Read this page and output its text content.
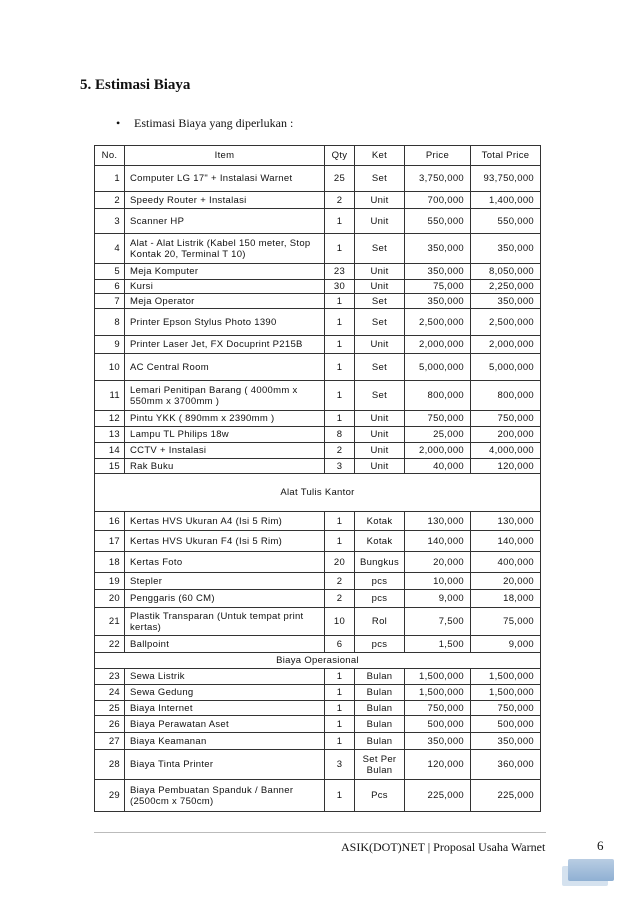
5. Estimasi Biaya
• Estimasi Biaya yang diperlukan :
No.	Item	Qty	Ket	Price	Total Price
1	Computer LG 17" + Instalasi Warnet	25	Set	3,750,000	93,750,000
2	Speedy Router + Instalasi	2	Unit	700,000	1,400,000
3	Scanner HP	1	Unit	550,000	550,000
4	Alat - Alat Listrik (Kabel 150 meter, Stop Kontak 20, Terminal T 10)	1	Set	350,000	350,000
5	Meja Komputer	23	Unit	350,000	8,050,000
6	Kursi	30	Unit	75,000	2,250,000
7	Meja Operator	1	Set	350,000	350,000
8	Printer Epson Stylus Photo 1390	1	Set	2,500,000	2,500,000
9	Printer Laser Jet, FX Docuprint P215B	1	Unit	2,000,000	2,000,000
10	AC Central Room	1	Set	5,000,000	5,000,000
11	Lemari Penitipan Barang ( 4000mm x 550mm x 3700mm )	1	Set	800,000	800,000
12	Pintu YKK ( 890mm x 2390mm )	1	Unit	750,000	750,000
13	Lampu TL Philips 18w	8	Unit	25,000	200,000
14	CCTV + Instalasi	2	Unit	2,000,000	4,000,000
15	Rak Buku	3	Unit	40,000	120,000
Alat Tulis Kantor					
16	Kertas HVS Ukuran A4 (Isi 5 Rim)	1	Kotak	130,000	130,000
17	Kertas HVS Ukuran F4 (Isi 5 Rim)	1	Kotak	140,000	140,000
18	Kertas Foto	20	Bungkus	20,000	400,000
19	Stepler	2	pcs	10,000	20,000
20	Penggaris (60 CM)	2	pcs	9,000	18,000
21	Plastik Transparan (Untuk tempat print kertas)	10	Rol	7,500	75,000
22	Ballpoint	6	pcs	1,500	9,000
Biaya Operasional					
23	Sewa Listrik	1	Bulan	1,500,000	1,500,000
24	Sewa Gedung	1	Bulan	1,500,000	1,500,000
25	Biaya Internet	1	Bulan	750,000	750,000
26	Biaya Perawatan Aset	1	Bulan	500,000	500,000
27	Biaya Keamanan	1	Bulan	350,000	350,000
28	Biaya Tinta Printer	3	Set Per Bulan	120,000	360,000
29	Biaya Pembuatan Spanduk / Banner (2500cm x 750cm)	1	Pcs	225,000	225,000
ASIK(DOT)NET | Proposal Usaha Warnet	6
